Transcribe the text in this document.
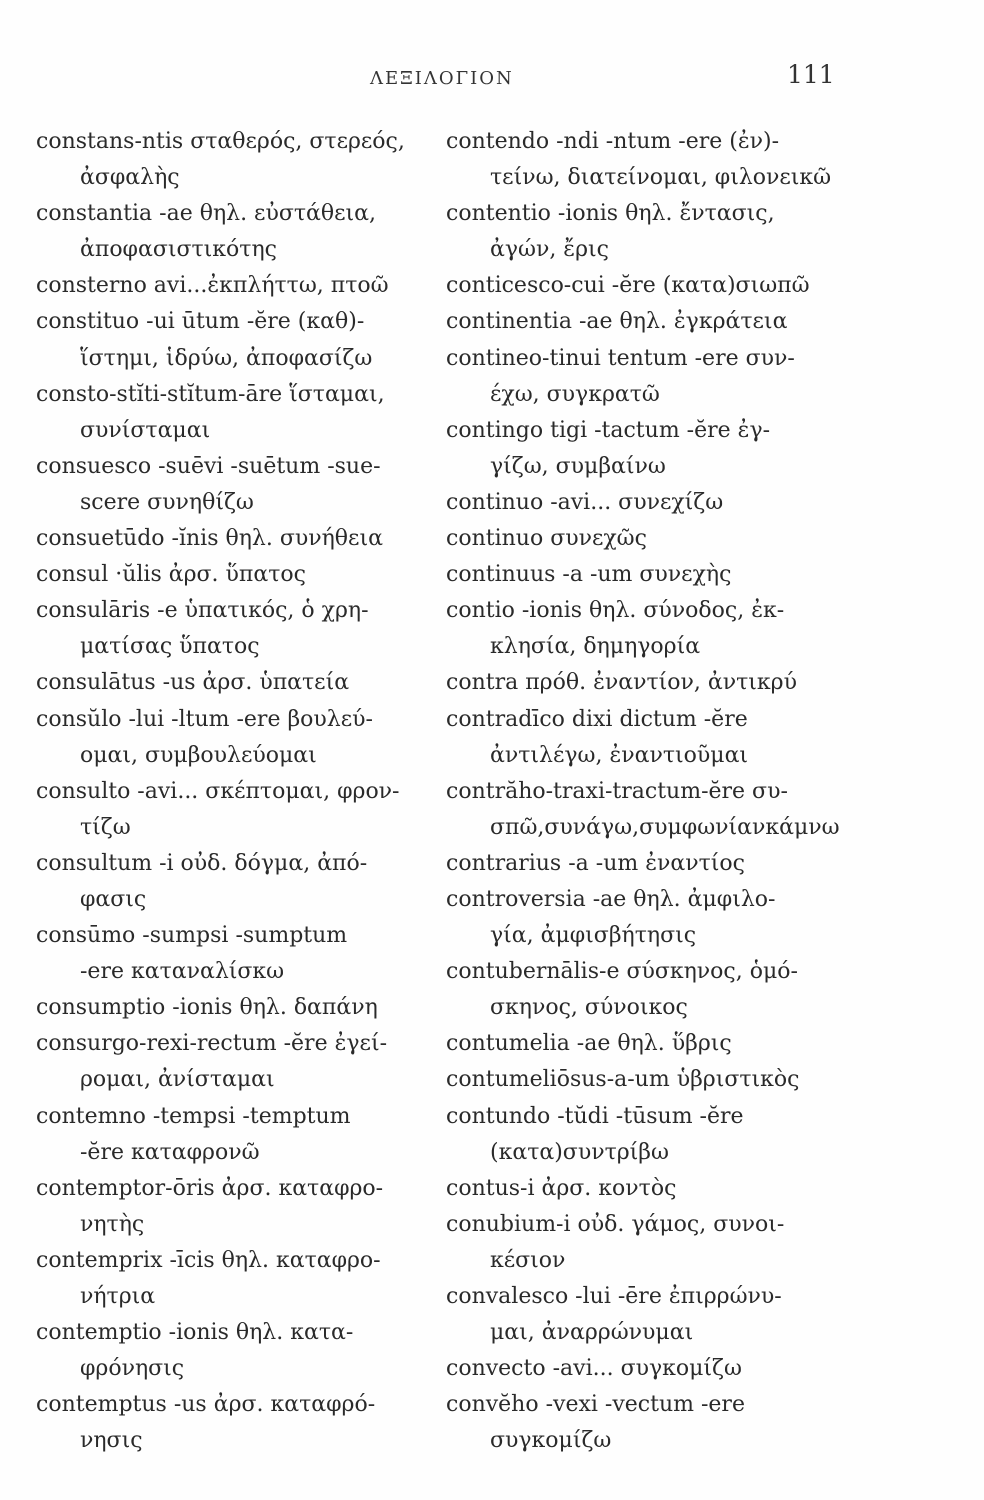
ΛΕΞΙΛΟΓΙΟΝ	111
constans-ntis σταθερός, στερεός,
ἀσφαλὴς
constantia -ae θηλ. εὐστάθεια,
ἀποφασιστικότης
consterno avi...ἐκπλήττω, πτοῶ
constituo -ui ūtum -ĕre (καθ)-
ἵστημι, ἱδρύω, ἀποφασίζω
consto-stĭti-stĭtum-āre ἵσταμαι,
συνίσταμαι
consuesco -suēvi -suētum -sue-
scere συνηθίζω
consuetūdo -ĭnis θηλ. συνήθεια
consul ·ŭlis ἀρσ. ὕπατος
consulāris -e ὑπατικός, ὁ χρη-
ματίσας ὕπατος
consulātus -us ἀρσ. ὑπατεία
consŭlo -lui -ltum -ere βουλεύ-
ομαι, συμβουλεύομαι
consulto -avi... σκέπτομαι, φρον-
τίζω
consultum -i οὐδ. δόγμα, ἀπό-
φασις
consūmo -sumpsi -sumptum
-ere καταναλίσκω
consumptio -ionis θηλ. δαπάνη
consurgo-rexi-rectum -ĕre ἐγεί-
ρομαι, ἀνίσταμαι
contemno -tempsi -temptum
-ĕre καταφρονῶ
contemptor-ōris ἀρσ. καταφρο-
νητὴς
contemprix -īcis θηλ. καταφρο-
νήτρια
contemptio -ionis θηλ. κατα-
φρόνησις
contemptus -us ἀρσ. καταφρό-
νησις
contendo -ndi -ntum -ere (ἐν)-
τείνω, διατείνομαι, φιλονεικῶ
contentio -ionis θηλ. ἔντασις,
ἀγών, ἔρις
conticesco-cui -ĕre (κατα)σιωπῶ
continentia -ae θηλ. ἐγκράτεια
contineo-tinui tentum -ere συν-
έχω, συγκρατῶ
contingo tigi -tactum -ĕre ἐγ-
γίζω, συμβαίνω
continuo -avi... συνεχίζω
continuo συνεχῶς
continuus -a -um συνεχὴς
contio -ionis θηλ. σύνοδος, ἐκ-
κλησία, δημηγορία
contra πρόθ. ἐναντίον, ἀντικρύ
contradīco dixi dictum -ĕre
ἀντιλέγω, ἐναντιοῦμαι
contrăho-traxi-tractum-ĕre συ-
σπῶ,συνάγω,συμφωνίανκάμνω
contrarius -a -um ἐναντίος
controversia -ae θηλ. ἀμφιλο-
γία, ἀμφισβήτησις
contubernālis-e σύσκηνος, ὁμό-
σκηνος, σύνοικος
contumelia -ae θηλ. ὕβρις
contumeliōsus-a-um ὑβριστικὸς
contundo -tŭdi -tūsum -ĕre
(κατα)συντρίβω
contus-i ἀρσ. κοντὸς
conubium-i οὐδ. γάμος, συνοι-
κέσιον
convalesco -lui -ēre ἐπιρρώνυ-
μαι, ἀναρρώνυμαι
convecto -avi... συγκομίζω
convĕho -vexi -vectum -ere
συγκομίζω
